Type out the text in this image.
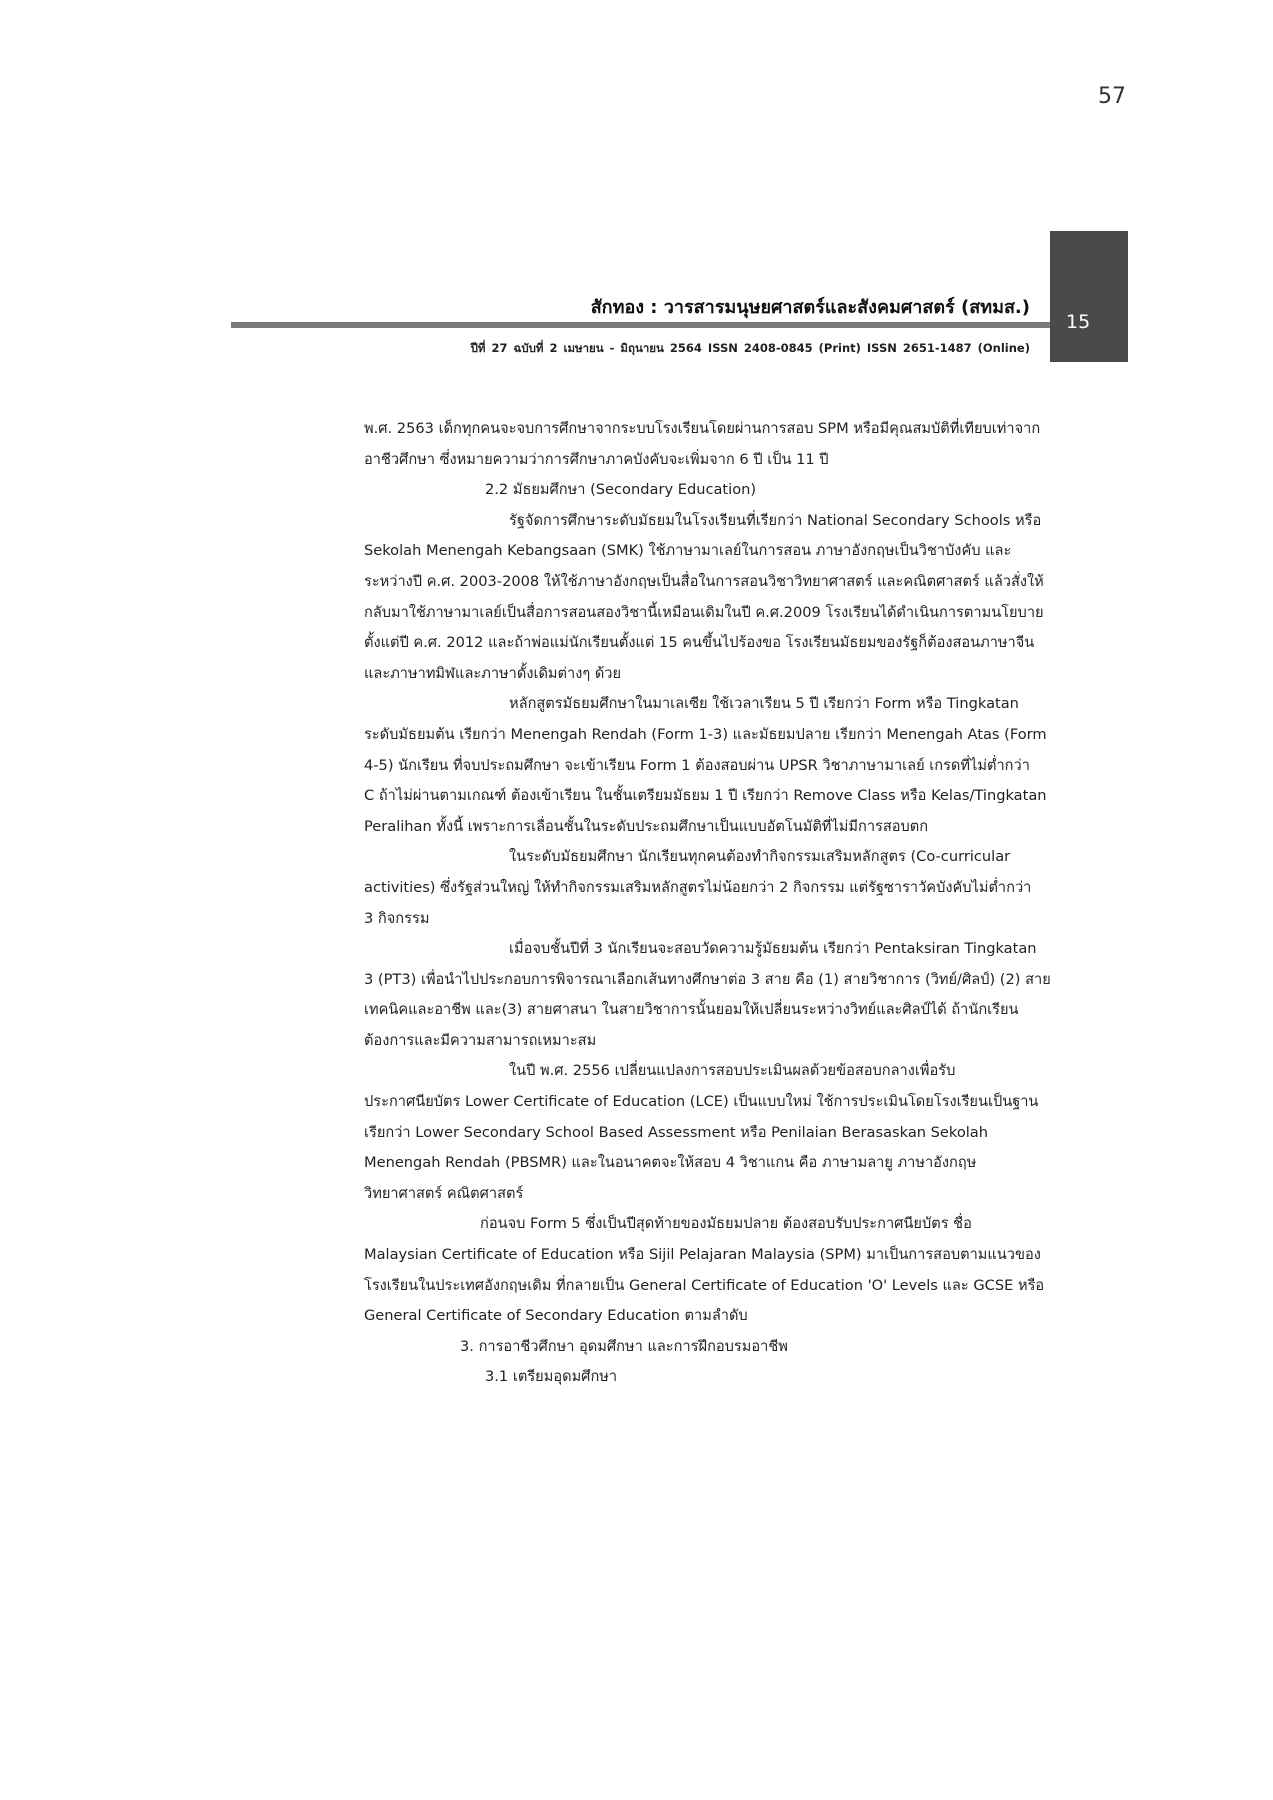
57
15
สักทอง : วารสารมนุษยศาสตร์และสังคมศาสตร์ (สทมส.)
ปีที่ 27 ฉบับที่ 2 เมษายน - มิถุนายน 2564 ISSN 2408-0845 (Print) ISSN 2651-1487 (Online)
พ.ศ. 2563 เด็กทุกคนจะจบการศึกษาจากระบบโรงเรียนโดยผ่านการสอบ SPM หรือมีคุณสมบัติที่เทียบเท่าจาก
อาชีวศึกษา ซึ่งหมายความว่าการศึกษาภาคบังคับจะเพิ่มจาก 6 ปี เป็น 11 ปี
2.2 มัธยมศึกษา (Secondary Education)
รัฐจัดการศึกษาระดับมัธยมในโรงเรียนที่เรียกว่า National Secondary Schools หรือ
Sekolah Menengah Kebangsaan (SMK) ใช้ภาษามาเลย์ในการสอน ภาษาอังกฤษเป็นวิชาบังคับ และ
ระหว่างปี ค.ศ. 2003-2008 ให้ใช้ภาษาอังกฤษเป็นสื่อในการสอนวิชาวิทยาศาสตร์ และคณิตศาสตร์ แล้วสั่งให้
กลับมาใช้ภาษามาเลย์เป็นสื่อการสอนสองวิชานี้เหมือนเดิมในปี ค.ศ.2009 โรงเรียนได้ดำเนินการตามนโยบาย
ตั้งแต่ปี ค.ศ. 2012 และถ้าพ่อแม่นักเรียนตั้งแต่ 15 คนขึ้นไปร้องขอ โรงเรียนมัธยมของรัฐก็ต้องสอนภาษาจีน
และภาษาทมิฬและภาษาดั้งเดิมต่างๆ ด้วย
หลักสูตรมัธยมศึกษาในมาเลเซีย ใช้เวลาเรียน 5 ปี เรียกว่า Form หรือ Tingkatan
ระดับมัธยมต้น เรียกว่า Menengah Rendah (Form 1-3) และมัธยมปลาย เรียกว่า Menengah Atas (Form
4-5) นักเรียน ที่จบประถมศึกษา จะเข้าเรียน Form 1 ต้องสอบผ่าน UPSR วิชาภาษามาเลย์ เกรดที่ไม่ต่ำกว่า
C ถ้าไม่ผ่านตามเกณฑ์ ต้องเข้าเรียน ในชั้นเตรียมมัธยม 1 ปี เรียกว่า Remove Class หรือ Kelas/Tingkatan
Peralihan ทั้งนี้ เพราะการเลื่อนชั้นในระดับประถมศึกษาเป็นแบบอัตโนมัติที่ไม่มีการสอบตก
ในระดับมัธยมศึกษา นักเรียนทุกคนต้องทำกิจกรรมเสริมหลักสูตร (Co-curricular
activities) ซึ่งรัฐส่วนใหญ่ ให้ทำกิจกรรมเสริมหลักสูตรไม่น้อยกว่า 2 กิจกรรม แต่รัฐซาราวัคบังคับไม่ต่ำกว่า
3 กิจกรรม
เมื่อจบชั้นปีที่ 3 นักเรียนจะสอบวัดความรู้มัธยมต้น เรียกว่า Pentaksiran Tingkatan
3 (PT3) เพื่อนำไปประกอบการพิจารณาเลือกเส้นทางศึกษาต่อ 3 สาย คือ (1) สายวิชาการ (วิทย์/ศิลป์) (2) สาย
เทคนิคและอาชีพ และ(3) สายศาสนา ในสายวิชาการนั้นยอมให้เปลี่ยนระหว่างวิทย์และศิลป์ได้ ถ้านักเรียน
ต้องการและมีความสามารถเหมาะสม
ในปี พ.ศ. 2556 เปลี่ยนแปลงการสอบประเมินผลด้วยข้อสอบกลางเพื่อรับ
ประกาศนียบัตร Lower Certificate of Education (LCE) เป็นแบบใหม่ ใช้การประเมินโดยโรงเรียนเป็นฐาน
เรียกว่า Lower Secondary School Based Assessment หรือ Penilaian Berasaskan Sekolah
Menengah Rendah (PBSMR) และในอนาคตจะให้สอบ 4 วิชาแกน คือ ภาษามลายู ภาษาอังกฤษ
วิทยาศาสตร์ คณิตศาสตร์
ก่อนจบ Form 5 ซึ่งเป็นปีสุดท้ายของมัธยมปลาย ต้องสอบรับประกาศนียบัตร ชื่อ
Malaysian Certificate of Education หรือ Sijil Pelajaran Malaysia (SPM) มาเป็นการสอบตามแนวของ
โรงเรียนในประเทศอังกฤษเดิม ที่กลายเป็น General Certificate of Education 'O' Levels และ GCSE หรือ
General Certificate of Secondary Education ตามลำดับ
3. การอาชีวศึกษา อุดมศึกษา และการฝึกอบรมอาชีพ
3.1 เตรียมอุดมศึกษา
